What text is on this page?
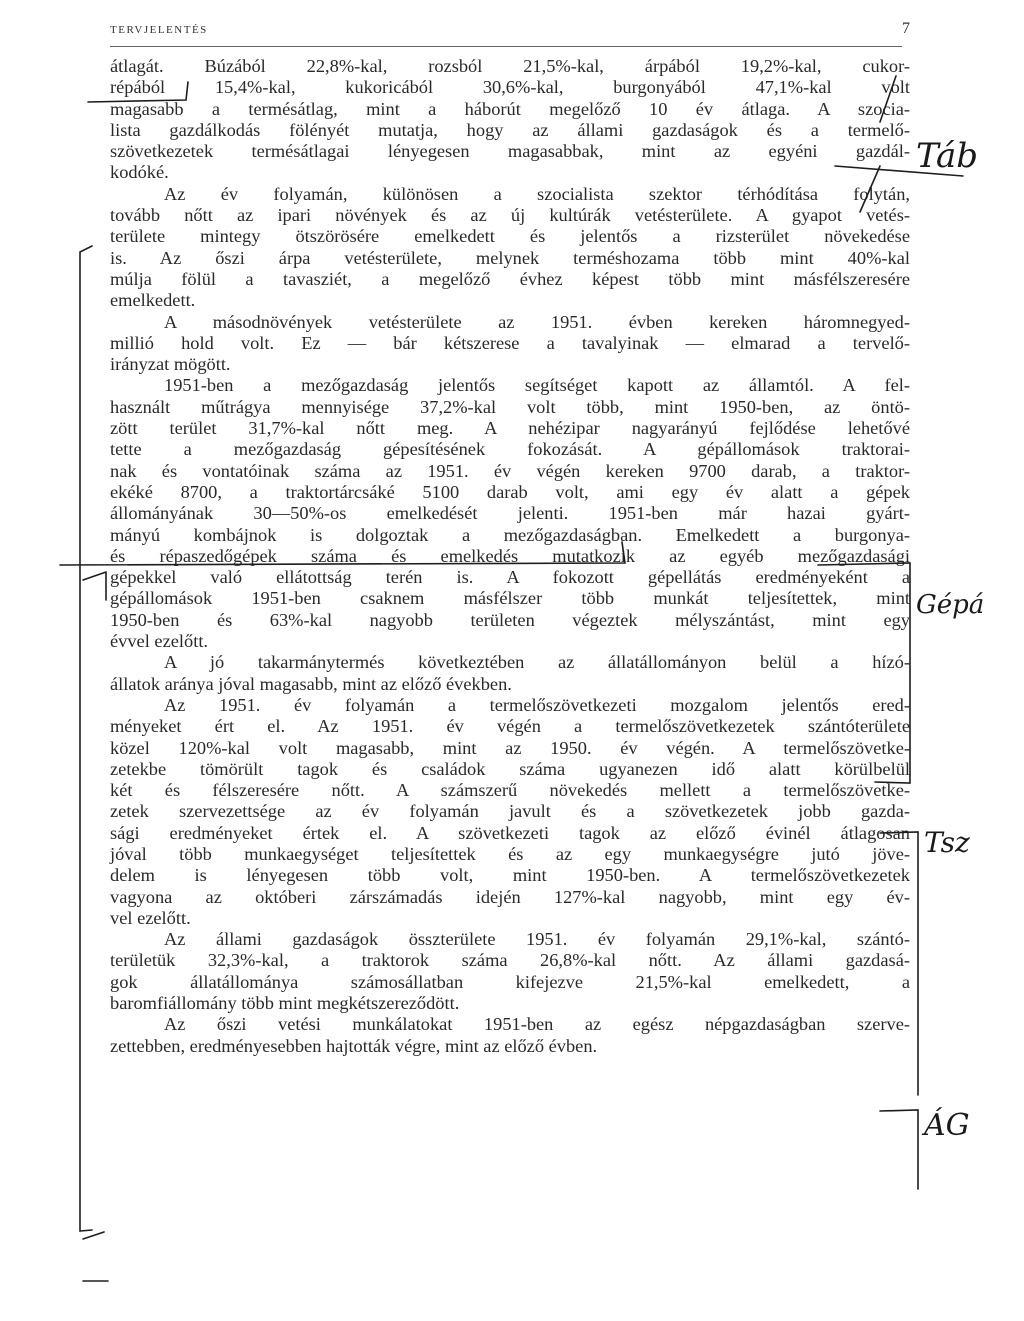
TERVJELENTÉS	7

átlagát. Búzából 22,8%-kal, rozsból 21,5%-kal, árpából 19,2%-kal, cukor-
répából 15,4%-kal, kukoricából 30,6%-kal, burgonyából 47,1%-kal volt
magasabb a termésátlag, mint a háborút megelőző 10 év átlaga. A szocia-
lista gazdálkodás fölényét mutatja, hogy az állami gazdaságok és a termelő-
szövetkezetek termésátlagai lényegesen magasabbak, mint az egyéni gazdál-
kodóké.

Az év folyamán, különösen a szocialista szektor térhódítása folytán,
tovább nőtt az ipari növények és az új kultúrák vetésterülete. A gyapot vetés-
területe mintegy ötszörösére emelkedett és jelentős a rizsterület növekedése
is. Az őszi árpa vetésterülete, melynek terméshozama több mint 40%-kal
múlja fölül a tavasziét, a megelőző évhez képest több mint másfélszeresére
emelkedett.

A másodnövények vetésterülete az 1951. évben kereken háromnegyed-
millió hold volt. Ez — bár kétszerese a tavalyinak — elmarad a tervelő-
irányzat mögött.

1951-ben a mezőgazdaság jelentős segítséget kapott az államtól. A fel-
használt műtrágya mennyisége 37,2%-kal volt több, mint 1950-ben, az öntö-
zött terület 31,7%-kal nőtt meg. A nehézipar nagyarányú fejlődése lehetővé
tette a mezőgazdaság gépesítésének fokozását. A gépállomások traktorai-
nak és vontatóinak száma az 1951. év végén kereken 9700 darab, a traktor-
ekéké 8700, a traktortárcsáké 5100 darab volt, ami egy év alatt a gépek
állományának 30—50%-os emelkedését jelenti. 1951-ben már hazai gyárt-
mányú kombájnok is dolgoztak a mezőgazdaságban. Emelkedett a burgonya-
és répaszedőgépek száma és emelkedés mutatkozik az egyéb mezőgazdasági
gépekkel való ellátottság terén is. A fokozott gépellátás eredményeként a
gépállomások 1951-ben csaknem másfélszer több munkát teljesítettek, mint
1950-ben és 63%-kal nagyobb területen végeztek mélyszántást, mint egy
évvel ezelőtt.

A jó takarmánytermés következtében az állatállományon belül a hízó-
állatok aránya jóval magasabb, mint az előző években.

Az 1951. év folyamán a termelőszövetkezeti mozgalom jelentős ered-
ményeket ért el. Az 1951. év végén a termelőszövetkezetek szántóterülete
közel 120%-kal volt magasabb, mint az 1950. év végén. A termelőszövetke-
zetekbe tömörült tagok és családok száma ugyanezen idő alatt körülbelül
két és félszeresére nőtt. A számszerű növekedés mellett a termelőszövetke-
zetek szervezettsége az év folyamán javult és a szövetkezetek jobb gazda-
sági eredményeket értek el. A szövetkezeti tagok az előző évinél átlagosan
jóval több munkaegységet teljesítettek és az egy munkaegységre jutó jöve-
delem is lényegesen több volt, mint 1950-ben. A termelőszövetkezetek
vagyona az októberi zárszámadás idején 127%-kal nagyobb, mint egy év-
vel ezelőtt.

Az állami gazdaságok összterülete 1951. év folyamán 29,1%-kal, szántó-
területük 32,3%-kal, a traktorok száma 26,8%-kal nőtt. Az állami gazdasá-
gok állatállománya számosállatban kifejezve 21,5%-kal emelkedett, a
baromfiállomány több mint megkétszereződött.

Az őszi vetési munkálatokat 1951-ben az egész népgazdaságban szerve-
zettebben, eredményesebben hajtották végre, mint az előző évben.

Táb
Gépá
Tsz
ÁG
